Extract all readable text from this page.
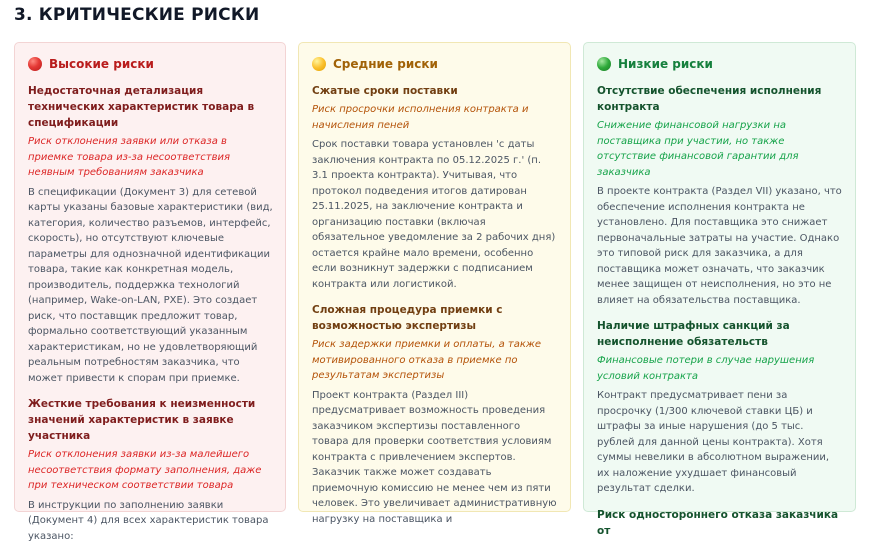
3. КРИТИЧЕСКИЕ РИСКИ
Высокие риски
Недостаточная детализация технических характеристик товара в спецификации
Риск отклонения заявки или отказа в приемке товара из-за несоответствия неявным требованиям заказчика
В спецификации (Документ 3) для сетевой карты указаны базовые характеристики (вид, категория, количество разъемов, интерфейс, скорость), но отсутствуют ключевые параметры для однозначной идентификации товара, такие как конкретная модель, производитель, поддержка технологий (например, Wake-on-LAN, PXE). Это создает риск, что поставщик предложит товар, формально соответствующий указанным характеристикам, но не удовлетворяющий реальным потребностям заказчика, что может привести к спорам при приемке.
Жесткие требования к неизменности значений характеристик в заявке участника
Риск отклонения заявки из-за малейшего несоответствия формату заполнения, даже при техническом соответствии товара
В инструкции по заполнению заявки (Документ 4) для всех характеристик товара указано:
Средние риски
Сжатые сроки поставки
Риск просрочки исполнения контракта и начисления пеней
Срок поставки товара установлен 'с даты заключения контракта по 05.12.2025 г.' (п. 3.1 проекта контракта). Учитывая, что протокол подведения итогов датирован 25.11.2025, на заключение контракта и организацию поставки (включая обязательное уведомление за 2 рабочих дня) остается крайне мало времени, особенно если возникнут задержки с подписанием контракта или логистикой.
Сложная процедура приемки с возможностью экспертизы
Риск задержки приемки и оплаты, а также мотивированного отказа в приемке по результатам экспертизы
Проект контракта (Раздел III) предусматривает возможность проведения заказчиком экспертизы поставленного товара для проверки соответствия условиям контракта с привлечением экспертов. Заказчик также может создавать приемочную комиссию не менее чем из пяти человек. Это увеличивает административную нагрузку на поставщика и
Низкие риски
Отсутствие обеспечения исполнения контракта
Снижение финансовой нагрузки на поставщика при участии, но также отсутствие финансовой гарантии для заказчика
В проекте контракта (Раздел VII) указано, что обеспечение исполнения контракта не установлено. Для поставщика это снижает первоначальные затраты на участие. Однако это типовой риск для заказчика, а для поставщика может означать, что заказчик менее защищен от неисполнения, но это не влияет на обязательства поставщика.
Наличие штрафных санкций за неисполнение обязательств
Финансовые потери в случае нарушения условий контракта
Контракт предусматривает пени за просрочку (1/300 ключевой ставки ЦБ) и штрафы за иные нарушения (до 5 тыс. рублей для данной цены контракта). Хотя суммы невелики в абсолютном выражении, их наложение ухудшает финансовый результат сделки.
Риск одностороннего отказа заказчика от
